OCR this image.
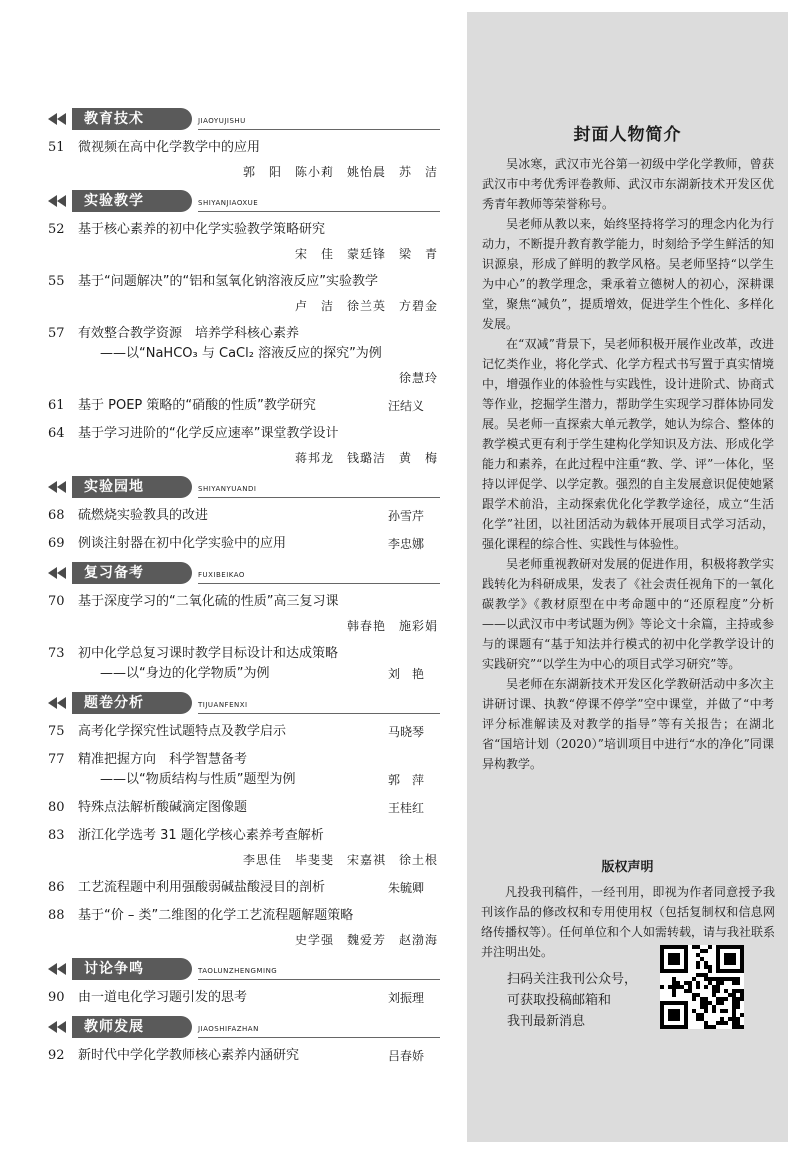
教育技术	JIAOYUJISHU
51	微视频在高中化学教学中的应用
郭　阳　陈小莉　姚怡晨　苏　洁
实验教学	SHIYANJIAOXUE
52	基于核心素养的初中化学实验教学策略研究
宋　佳　蒙廷锋　梁　青
55	基于“问题解决”的“铝和氢氧化钠溶液反应”实验教学
卢　洁　徐兰英　方碧金
57	有效整合教学资源　培养学科核心素养
——以“NaHCO₃ 与 CaCl₂ 溶液反应的探究”为例
徐慧玲
61	基于 POEP 策略的“硝酸的性质”教学研究	汪结义
64	基于学习进阶的“化学反应速率”课堂教学设计
蒋邦龙　钱璐洁　黄　梅
实验园地	SHIYANYUANDI
68	硫燃烧实验教具的改进	孙雪芹
69	例谈注射器在初中化学实验中的应用	李忠娜
复习备考	FUXIBEIKAO
70	基于深度学习的“二氧化硫的性质”高三复习课
韩春艳　施彩娟
73	初中化学总复习课时教学目标设计和达成策略
——以“身边的化学物质”为例	刘　艳
题卷分析	TIJUANFENXI
75	高考化学探究性试题特点及教学启示	马晓琴
77	精准把握方向　科学智慧备考
——以“物质结构与性质”题型为例	郭　萍
80	特殊点法解析酸碱滴定图像题	王桂红
83	浙江化学选考 31 题化学核心素养考查解析
李思佳　毕斐斐　宋嘉祺　徐土根
86	工艺流程题中利用强酸弱碱盐酸浸目的剖析	朱毓卿
88	基于“价 – 类”二维图的化学工艺流程题解题策略
史学强　魏爱芳　赵渤海
讨论争鸣	TAOLUNZHENGMING
90	由一道电化学习题引发的思考	刘振理
教师发展	JIAOSHIFAZHAN
92	新时代中学化学教师核心素养内涵研究	吕春娇
封面人物简介

吴冰寒，武汉市光谷第一初级中学化学教师，曾获武汉市中考优秀评卷教师、武汉市东湖新技术开发区优秀青年教师等荣誉称号。

吴老师从教以来，始终坚持将学习的理念内化为行动力，不断提升教育教学能力，时刻给予学生鲜活的知识源泉，形成了鲜明的教学风格。吴老师坚持“以学生为中心”的教学理念，秉承着立德树人的初心，深耕课堂，聚焦“减负”，提质增效，促进学生个性化、多样化发展。

在“双减”背景下，吴老师积极开展作业改革，改进记忆类作业，将化学式、化学方程式书写置于真实情境中，增强作业的体验性与实践性，设计进阶式、协商式等作业，挖掘学生潜力，帮助学生实现学习群体协同发展。吴老师一直探索大单元教学，她认为综合、整体的教学模式更有利于学生建构化学知识及方法、形成化学能力和素养，在此过程中注重“教、学、评”一体化，坚持以评促学、以学定教。强烈的自主发展意识促使她紧跟学术前沿，主动探索优化化学教学途径，成立“生活化学”社团，以社团活动为载体开展项目式学习活动，强化课程的综合性、实践性与体验性。

吴老师重视教研对发展的促进作用，积极将教学实践转化为科研成果，发表了《社会责任视角下的一氧化碳教学》《教材原型在中考命题中的“还原程度”分析——以武汉市中考试题为例》等论文十余篇，主持或参与的课题有“基于知法并行模式的初中化学教学设计的实践研究”“以学生为中心的项目式学习研究”等。

吴老师在东湖新技术开发区化学教研活动中多次主讲研讨课、执教“停课不停学”空中课堂，并做了“中考评分标准解读及对教学的指导”等有关报告；在湖北省“国培计划（2020）”培训项目中进行“水的净化”同课异构教学。

版权声明

凡投我刊稿件，一经刊用，即视为作者同意授予我刊该作品的修改权和专用使用权（包括复制权和信息网络传播权等）。任何单位和个人如需转载，请与我社联系并注明出处。

扫码关注我刊公众号，
可获取投稿邮箱和
我刊最新消息
